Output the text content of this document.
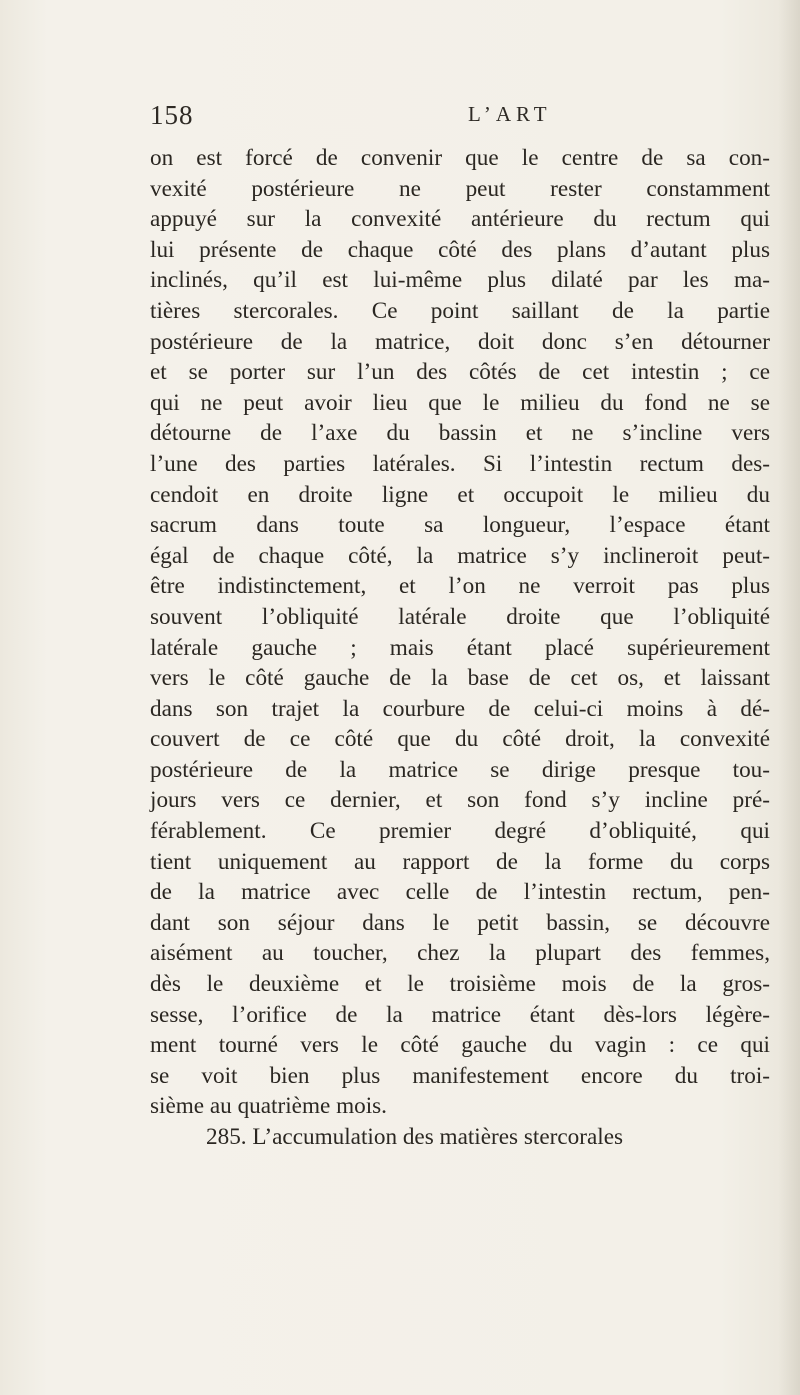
158	L’ART
on est forcé de convenir que le centre de sa con-
vexité postérieure ne peut rester constamment
appuyé sur la convexité antérieure du rectum qui
lui présente de chaque côté des plans d’autant plus
inclinés, qu’il est lui-même plus dilaté par les ma-
tières stercorales. Ce point saillant de la partie
postérieure de la matrice, doit donc s’en détourner
et se porter sur l’un des côtés de cet intestin ; ce
qui ne peut avoir lieu que le milieu du fond ne se
détourne de l’axe du bassin et ne s’incline vers
l’une des parties latérales. Si l’intestin rectum des-
cendoit en droite ligne et occupoit le milieu du
sacrum dans toute sa longueur, l’espace étant
égal de chaque côté, la matrice s’y inclineroit peut-
être indistinctement, et l’on ne verroit pas plus
souvent l’obliquité latérale droite que l’obliquité
latérale gauche ; mais étant placé supérieurement
vers le côté gauche de la base de cet os, et laissant
dans son trajet la courbure de celui-ci moins à dé-
couvert de ce côté que du côté droit, la convexité
postérieure de la matrice se dirige presque tou-
jours vers ce dernier, et son fond s’y incline pré-
férablement. Ce premier degré d’obliquité, qui
tient uniquement au rapport de la forme du corps
de la matrice avec celle de l’intestin rectum, pen-
dant son séjour dans le petit bassin, se découvre
aisément au toucher, chez la plupart des femmes,
dès le deuxième et le troisième mois de la gros-
sesse, l’orifice de la matrice étant dès-lors légère-
ment tourné vers le côté gauche du vagin : ce qui
se voit bien plus manifestement encore du troi-
sième au quatrième mois.
285. L’accumulation des matières stercorales
